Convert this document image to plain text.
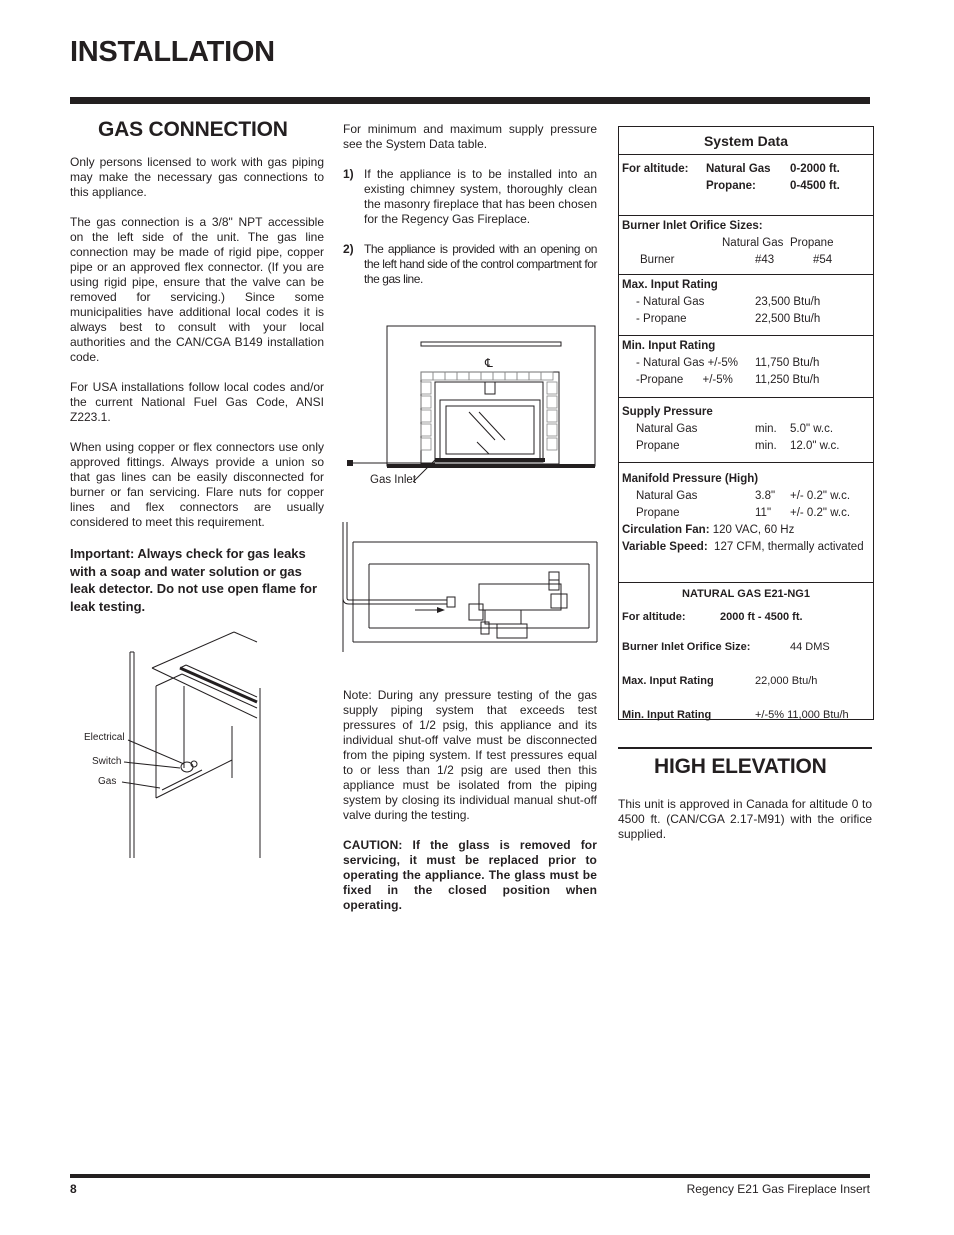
INSTALLATION
GAS CONNECTION

Only persons licensed to work with gas piping may make the necessary gas connections to this appliance.

The gas connection is a 3/8" NPT accessible on the left side of the unit. The gas line connection may be made of rigid pipe, copper pipe or an approved flex connector. (If you are using rigid pipe, ensure that the valve can be removed for servicing.) Since some municipalities have additional local codes it is always best to consult with your local authorities and the CAN/CGA B149 installation code.

For USA installations follow local codes and/or the current National Fuel Gas Code, ANSI Z223.1.

When using copper or flex connectors use only approved fittings. Always provide a union so that gas lines can be easily disconnected for burner or fan servicing. Flare nuts for copper lines and flex connectors are usually considered to meet this requirement.

Important: Always check for gas leaks with a soap and water solution or gas leak detector. Do not use open flame for leak testing.
Electrical
Switch
Gas

For minimum and maximum supply pressure see the System Data table.

1) If the appliance is to be installed into an existing chimney system, thoroughly clean the masonry fireplace that has been chosen for the Regency Gas Fireplace.
2) The appliance is provided with an opening on the left hand side of the control compartment for the gas line.
℄
Gas Inlet

Note: During any pressure testing of the gas supply piping system that exceeds test pressures of 1/2 psig, this appliance and its individual shut-off valve must be disconnected from the piping system. If test pressures equal to or less than 1/2 psig are used then this appliance must be isolated from the piping system by closing its individual manual shut-off valve during the testing.

CAUTION: If the glass is removed for servicing, it must be replaced prior to operating the appliance. The glass must be fixed in the closed position when operating.

System Data
For altitude:	Natural Gas	0-2000 ft.
Propane:	0-4500 ft.
Burner Inlet Orifice Sizes:
Natural Gas Propane
Burner	#43	#54
Max. Input Rating
- Natural Gas	23,500 Btu/h
- Propane	22,500 Btu/h
Min. Input Rating
- Natural Gas +/-5%	11,750 Btu/h
-Propane      +/-5%	11,250 Btu/h
Supply Pressure
Natural Gas	min.	5.0" w.c.
Propane	min.	12.0" w.c.
Manifold Pressure (High)
Natural Gas	3.8"	+/- 0.2" w.c.
Propane	11"	+/- 0.2" w.c.
Circulation Fan: 120 VAC, 60 Hz
Variable Speed: 127 CFM, thermally activated
NATURAL GAS E21-NG1
For altitude:	2000 ft - 4500 ft.
Burner Inlet Orifice Size:	44 DMS
Max. Input Rating	22,000 Btu/h
Min. Input Rating	+/-5% 11,000 Btu/h
HIGH ELEVATION
This unit is approved in Canada for altitude 0 to 4500 ft. (CAN/CGA 2.17-M91) with the orifice supplied.
8	Regency E21 Gas Fireplace Insert
